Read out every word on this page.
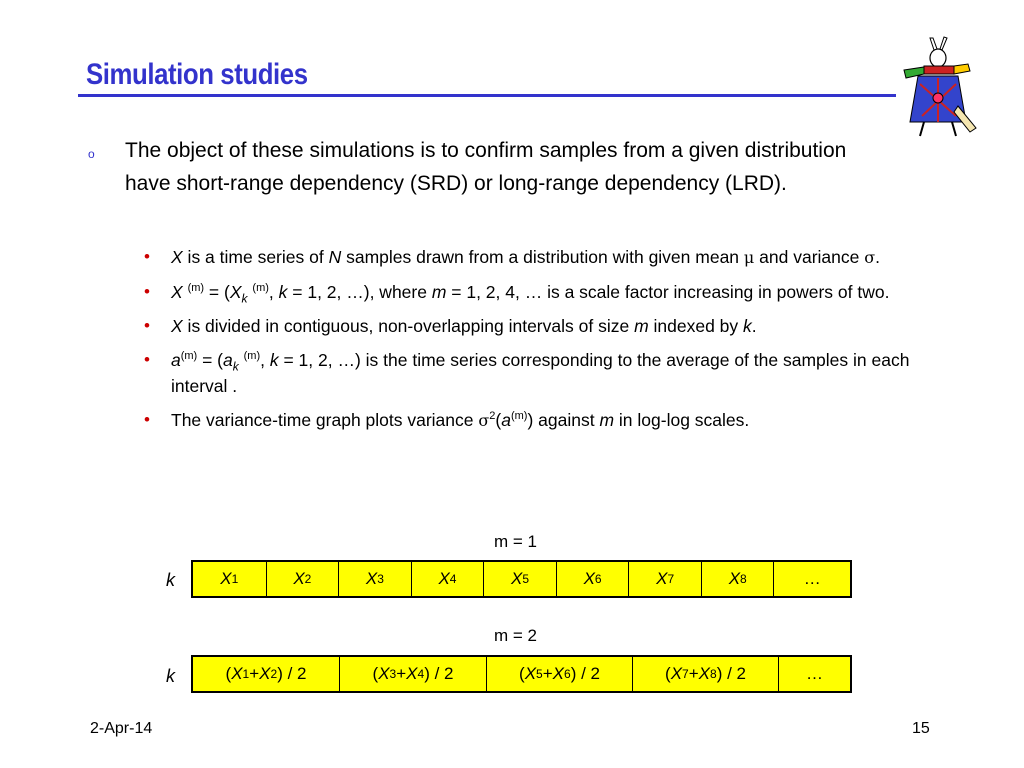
Simulation studies
o	The object of these simulations is to confirm samples from a given distribution have short-range dependency (SRD) or long-range dependency (LRD).
•	X is a time series of N samples drawn from a distribution with given mean μ and variance σ.
•	X $^{(m)} = (X_k$ $^{(m)}$, k = 1, 2, …), where m = 1, 2, 4, … is a scale factor increasing in powers of two.
•	X is divided in contiguous, non-overlapping intervals of size m indexed by k.
•	$a^{(m)} = (a_k$ $^{(m)}$, k = 1, 2, …) is the time series corresponding to the average of the samples in each interval .
•	The variance-time graph plots variance $\sigma^2(a^{(m)})$ against m in log-log scales.
m = 1
k	X 1	X 2	X 3	X 4	X 5	X 6	X 7	X 8	…
m = 2
k	( X 1 + X 2 ) / 2	( X 3 + X 4 ) / 2	( X 5 + X 6 ) / 2	( X 7 + X 8 ) / 2	…
2-Apr-14	15
